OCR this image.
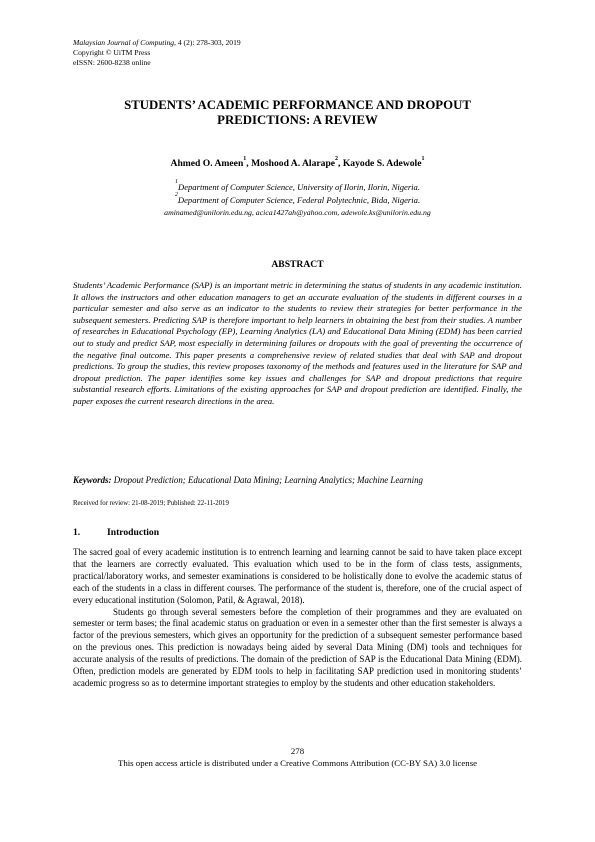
Malaysian Journal of Computing, 4 (2): 278-303, 2019
Copyright © UiTM Press
eISSN: 2600-8238 online
STUDENTS’ ACADEMIC PERFORMANCE AND DROPOUT
PREDICTIONS: A REVIEW
Ahmed O. Ameen$^1$, Moshood A. Alarape$^2$, Kayode S. Adewole$^1$
$^1$Department of Computer Science, University of Ilorin, Ilorin, Nigeria.
$^2$Department of Computer Science, Federal Polytechnic, Bida, Nigeria.
aminamed@unilorin.edu.ng, acica1427ah@yahoo.com, adewole.ks@unilorin.edu.ng
ABSTRACT

Students’ Academic Performance (SAP) is an important metric in determining the status of students in any academic institution. It allows the instructors and other education managers to get an accurate evaluation of the students in different courses in a particular semester and also serve as an indicator to the students to review their strategies for better performance in the subsequent semesters. Predicting SAP is therefore important to help learners in obtaining the best from their studies. A number of researches in Educational Psychology (EP), Learning Analytics (LA) and Educational Data Mining (EDM) has been carried out to study and predict SAP, most especially in determining failures or dropouts with the goal of preventing the occurrence of the negative final outcome. This paper presents a comprehensive review of related studies that deal with SAP and dropout predictions. To group the studies, this review proposes taxonomy of the methods and features used in the literature for SAP and dropout prediction. The paper identifies some key issues and challenges for SAP and dropout predictions that require substantial research efforts. Limitations of the existing approaches for SAP and dropout prediction are identified. Finally, the paper exposes the current research directions in the area.

Keywords: Dropout Prediction; Educational Data Mining; Learning Analytics; Machine Learning
Received for review: 21-08-2019; Published: 22-11-2019
1.	Introduction

The sacred goal of every academic institution is to entrench learning and learning cannot be said to have taken place except that the learners are correctly evaluated. This evaluation which used to be in the form of class tests, assignments, practical/laboratory works, and semester examinations is considered to be holistically done to evolve the academic status of each of the students in a class in different courses. The performance of the student is, therefore, one of the crucial aspect of every educational institution (Solomon, Patil, & Agrawal, 2018).

Students go through several semesters before the completion of their programmes and they are evaluated on semester or term bases; the final academic status on graduation or even in a semester other than the first semester is always a factor of the previous semesters, which gives an opportunity for the prediction of a subsequent semester performance based on the previous ones. This prediction is nowadays being aided by several Data Mining (DM) tools and techniques for accurate analysis of the results of predictions. The domain of the prediction of SAP is the Educational Data Mining (EDM). Often, prediction models are generated by EDM tools to help in facilitating SAP prediction used in monitoring students’ academic progress so as to determine important strategies to employ by the students and other education stakeholders.

278
This open access article is distributed under a Creative Commons Attribution (CC-BY SA) 3.0 license
